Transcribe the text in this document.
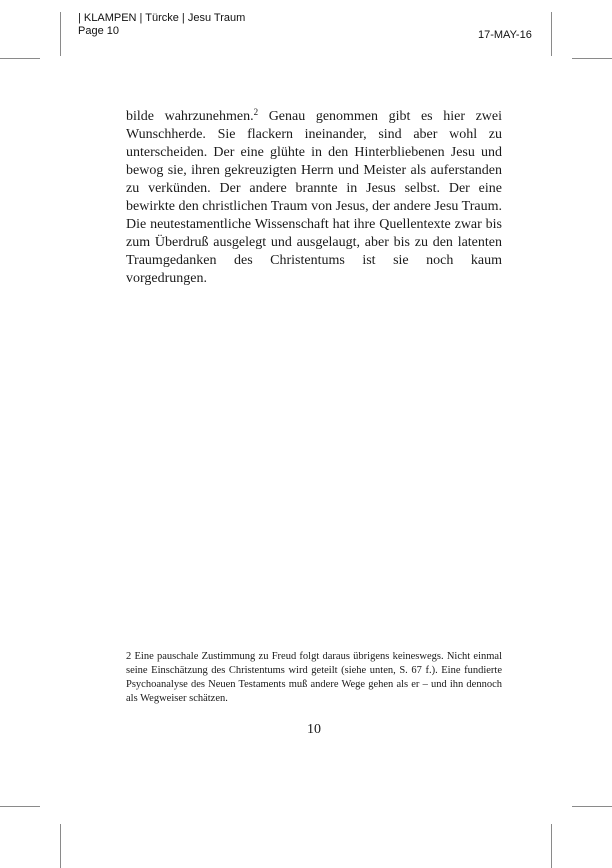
| KLAMPEN | Türcke | Jesu Traum
Page 10	17-MAY-16

bilde wahrzunehmen.$^2$ Genau genommen gibt es hier zwei Wunschherde. Sie flackern ineinander, sind aber wohl zu unterscheiden. Der eine glühte in den Hinterbliebenen Jesu und bewog sie, ihren gekreuzigten Herrn und Meister als auferstanden zu verkünden. Der andere brannte in Jesus selbst. Der eine bewirkte den christlichen Traum von Jesus, der andere Jesu Traum. Die neutestamentliche Wissenschaft hat ihre Quellentexte zwar bis zum Überdruß ausgelegt und ausgelaugt, aber bis zu den latenten Traumgedanken des Christentums ist sie noch kaum vorgedrungen.

2 Eine pauschale Zustimmung zu Freud folgt daraus übrigens keineswegs. Nicht einmal seine Einschätzung des Christentums wird geteilt (siehe unten, S. 67 f.). Eine fundierte Psychoanalyse des Neuen Testaments muß andere Wege gehen als er – und ihn dennoch als Wegweiser schätzen.

10
